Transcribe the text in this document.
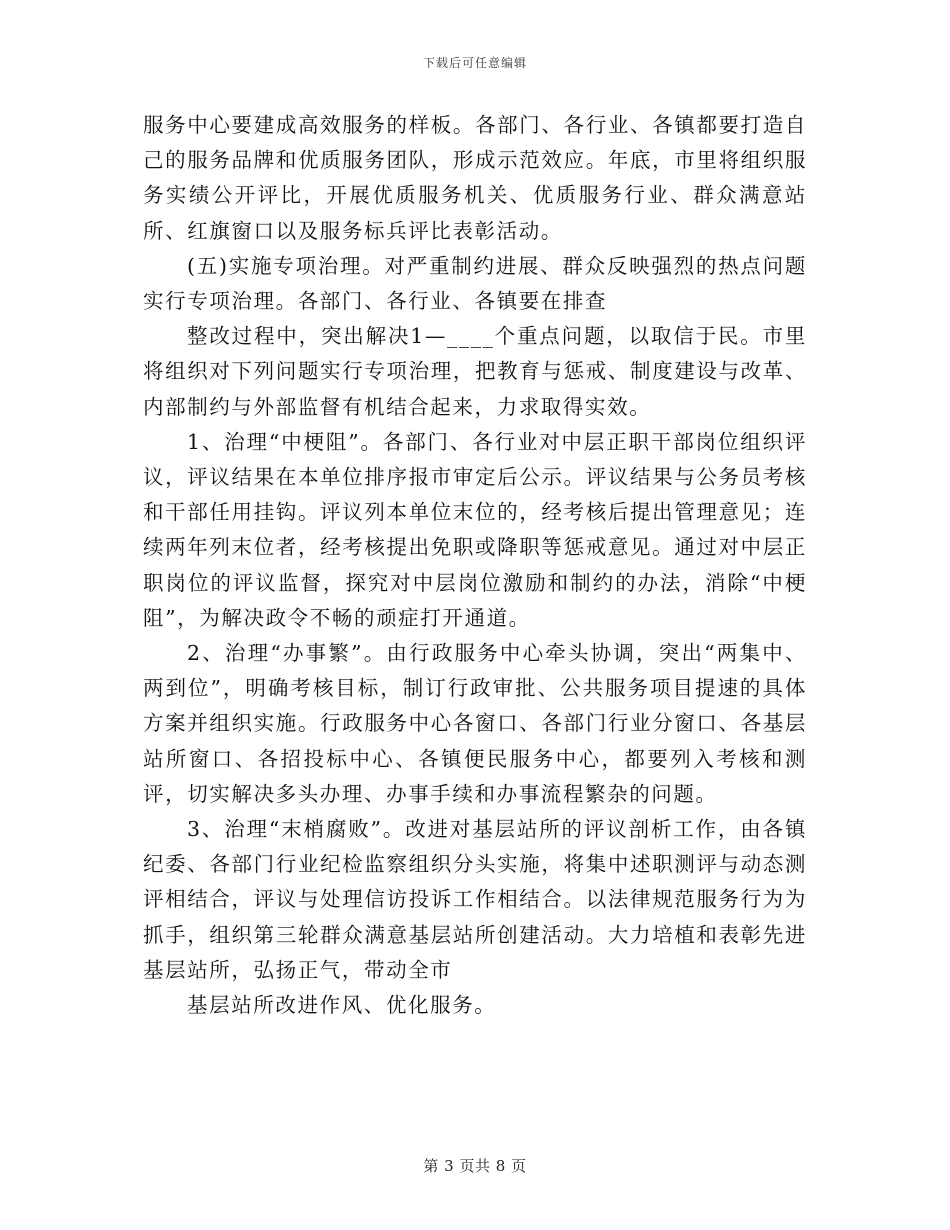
下载后可任意编辑

服务中心要建成高效服务的样板。各部门、各行业、各镇都要打造自己的服务品牌和优质服务团队，形成示范效应。年底，市里将组织服务实绩公开评比，开展优质服务机关、优质服务行业、群众满意站所、红旗窗口以及服务标兵评比表彰活动。

(五)实施专项治理。对严重制约进展、群众反映强烈的热点问题实行专项治理。各部门、各行业、各镇要在排查

整改过程中，突出解决1—____个重点问题，以取信于民。市里将组织对下列问题实行专项治理，把教育与惩戒、制度建设与改革、内部制约与外部监督有机结合起来，力求取得实效。

1、治理“中梗阻”。各部门、各行业对中层正职干部岗位组织评议，评议结果在本单位排序报市审定后公示。评议结果与公务员考核和干部任用挂钩。评议列本单位末位的，经考核后提出管理意见；连续两年列末位者，经考核提出免职或降职等惩戒意见。通过对中层正职岗位的评议监督，探究对中层岗位激励和制约的办法，消除“中梗阻”，为解决政令不畅的顽症打开通道。

2、治理“办事繁”。由行政服务中心牵头协调，突出“两集中、两到位”，明确考核目标，制订行政审批、公共服务项目提速的具体方案并组织实施。行政服务中心各窗口、各部门行业分窗口、各基层站所窗口、各招投标中心、各镇便民服务中心，都要列入考核和测评，切实解决多头办理、办事手续和办事流程繁杂的问题。

3、治理“末梢腐败”。改进对基层站所的评议剖析工作，由各镇纪委、各部门行业纪检监察组织分头实施，将集中述职测评与动态测评相结合，评议与处理信访投诉工作相结合。以法律规范服务行为为抓手，组织第三轮群众满意基层站所创建活动。大力培植和表彰先进基层站所，弘扬正气，带动全市

基层站所改进作风、优化服务。

第 3 页共 8 页
